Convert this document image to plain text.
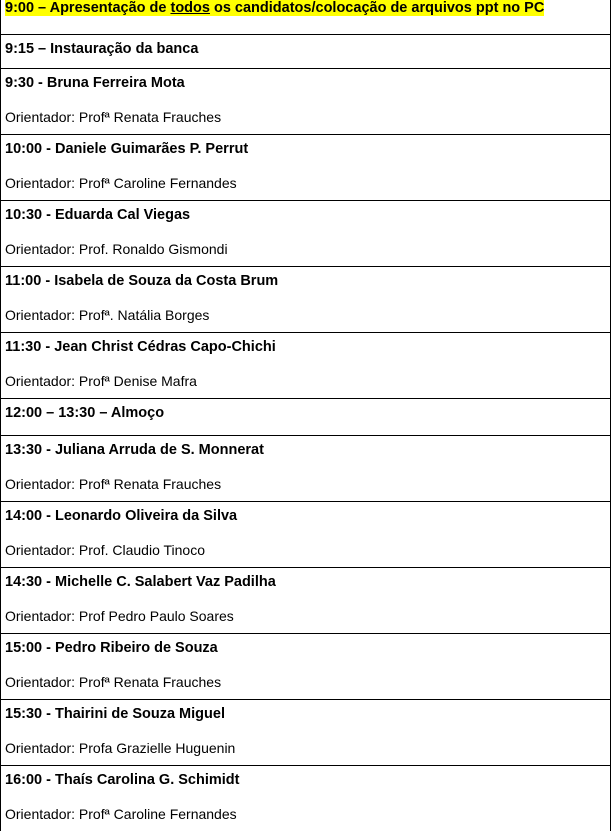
9:00 – Apresentação de todos os candidatos/colocação de arquivos ppt no PC
9:15 – Instauração da banca
9:30 - Bruna Ferreira Mota
Orientador: Profª Renata Frauches
10:00 - Daniele Guimarães P. Perrut
Orientador: Profª Caroline Fernandes
10:30 - Eduarda Cal Viegas
Orientador: Prof. Ronaldo Gismondi
11:00 - Isabela de Souza da Costa Brum
Orientador: Profª. Natália Borges
11:30 - Jean Christ Cédras Capo-Chichi
Orientador: Profª Denise Mafra
12:00 – 13:30 – Almoço
13:30 - Juliana Arruda de S. Monnerat
Orientador: Profª Renata Frauches
14:00 - Leonardo Oliveira da Silva
Orientador: Prof. Claudio Tinoco
14:30 - Michelle C. Salabert Vaz Padilha
Orientador: Prof Pedro Paulo Soares
15:00 - Pedro Ribeiro de Souza
Orientador: Profª Renata Frauches
15:30 - Thairini de Souza Miguel
Orientador: Profa Grazielle Huguenin
16:00 - Thaís Carolina G. Schimidt
Orientador: Profª Caroline Fernandes
